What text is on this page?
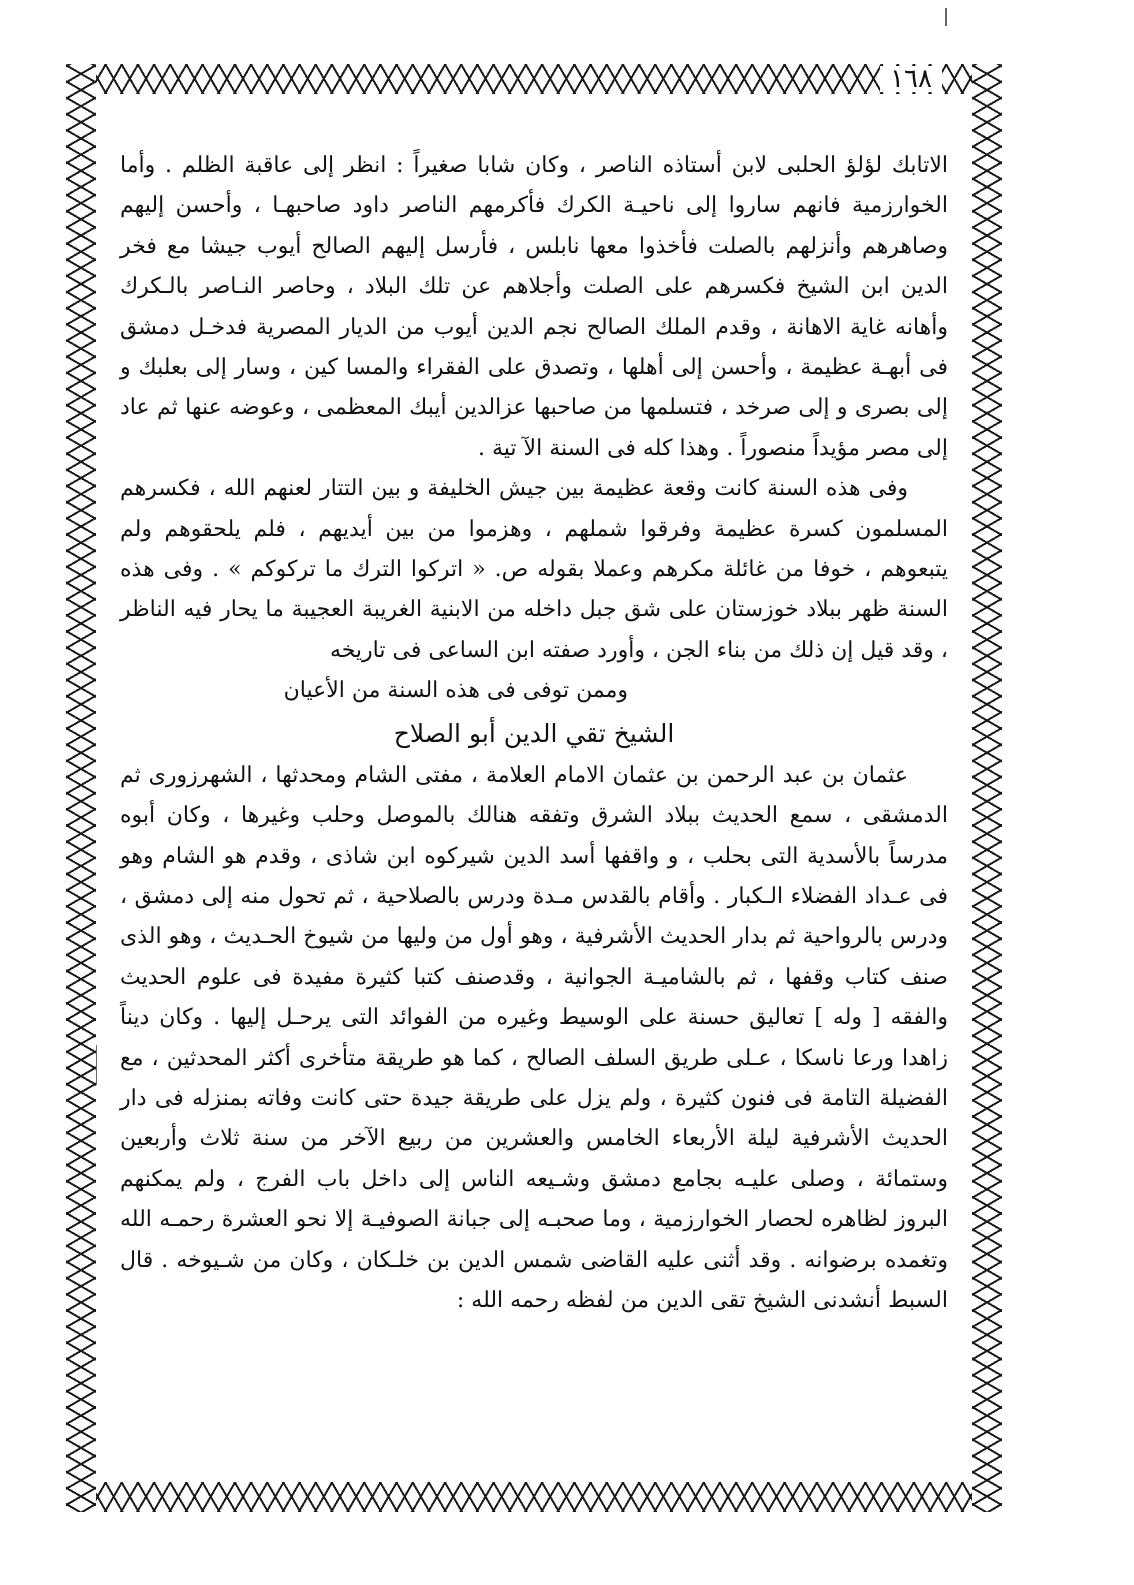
١٦٨

الاتابك لؤلؤ الحلبى لابن أستاذه الناصر ، وكان شابا صغيراً : انظر إلى عاقبة الظلم . وأما الخوارزمية فانهم ساروا إلى ناحيـة الكرك فأكرمهم الناصر داود صاحبهـا ، وأحسن إليهم وصاهرهم وأنزلهم بالصلت فأخذوا معها نابلس ، فأرسل إليهم الصالح أيوب جيشا مع فخر الدين ابن الشيخ فكسرهم على الصلت وأجلاهم عن تلك البلاد ، وحاصر النـاصر بالـكرك وأهانه غاية الاهانة ، وقدم الملك الصالح نجم الدين أيوب من الديار المصرية فدخـل دمشق فى أبهـة عظيمة ، وأحسن إلى أهلها ، وتصدق على الفقراء والمسا كين ، وسار إلى بعلبك و إلى بصرى و إلى صرخد ، فتسلمها من صاحبها عزالدين أيبك المعظمى ، وعوضه عنها ثم عاد إلى مصر مؤيداً منصوراً . وهذا كله فى السنة الآ تية .

وفى هذه السنة كانت وقعة عظيمة بين جيش الخليفة و بين التتار لعنهم الله ، فكسرهم المسلمون كسرة عظيمة وفرقوا شملهم ، وهزموا من بين أيديهم ، فلم يلحقوهم ولم يتبعوهم ، خوفا من غائلة مكرهم وعملا بقوله ص. « اتركوا الترك ما تركوكم » . وفى هذه السنة ظهر ببلاد خوزستان على شق جبل داخله من الابنية الغريبة العجيبة ما يحار فيه الناظر ، وقد قيل إن ذلك من بناء الجن ، وأورد صفته ابن الساعى فى تاريخه

وممن توفى فى هذه السنة من الأعيان

الشيخ تقي الدين أبو الصلاح

عثمان بن عبد الرحمن بن عثمان الامام العلامة ، مفتى الشام ومحدثها ، الشهرزورى ثم الدمشقى ، سمع الحديث ببلاد الشرق وتفقه هنالك بالموصل وحلب وغيرها ، وكان أبوه مدرساً بالأسدية التى بحلب ، و واقفها أسد الدين شيركوه ابن شاذى ، وقدم هو الشام وهو فى عـداد الفضلاء الـكبار . وأقام بالقدس مـدة ودرس بالصلاحية ، ثم تحول منه إلى دمشق ، ودرس بالرواحية ثم بدار الحديث الأشرفية ، وهو أول من وليها من شيوخ الحـديث ، وهو الذى صنف كتاب وقفها ، ثم بالشاميـة الجوانية ، وقدصنف كتبا كثيرة مفيدة فى علوم الحديث والفقه [ وله ] تعاليق حسنة على الوسيط وغيره من الفوائد التى يرحـل إليها . وكان ديناً زاهدا ورعا ناسكا ، عـلى طريق السلف الصالح ، كما هو طريقة متأخرى أكثر المحدثين ، مع الفضيلة التامة فى فنون كثيرة ، ولم يزل على طريقة جيدة حتى كانت وفاته بمنزله فى دار الحديث الأشرفية ليلة الأربعاء الخامس والعشرين من ربيع الآخر من سنة ثلاث وأربعين وستمائة ، وصلى عليـه بجامع دمشق وشـيعه الناس إلى داخل باب الفرج ، ولم يمكنهم البروز لظاهره لحصار الخوارزمية ، وما صحبـه إلى جبانة الصوفيـة إلا نحو العشرة رحمـه الله وتغمده برضوانه . وقد أثنى عليه القاضى شمس الدين بن خلـكان ، وكان من شـيوخه . قال السبط أنشدنى الشيخ تقى الدين من لفظه رحمه الله :
